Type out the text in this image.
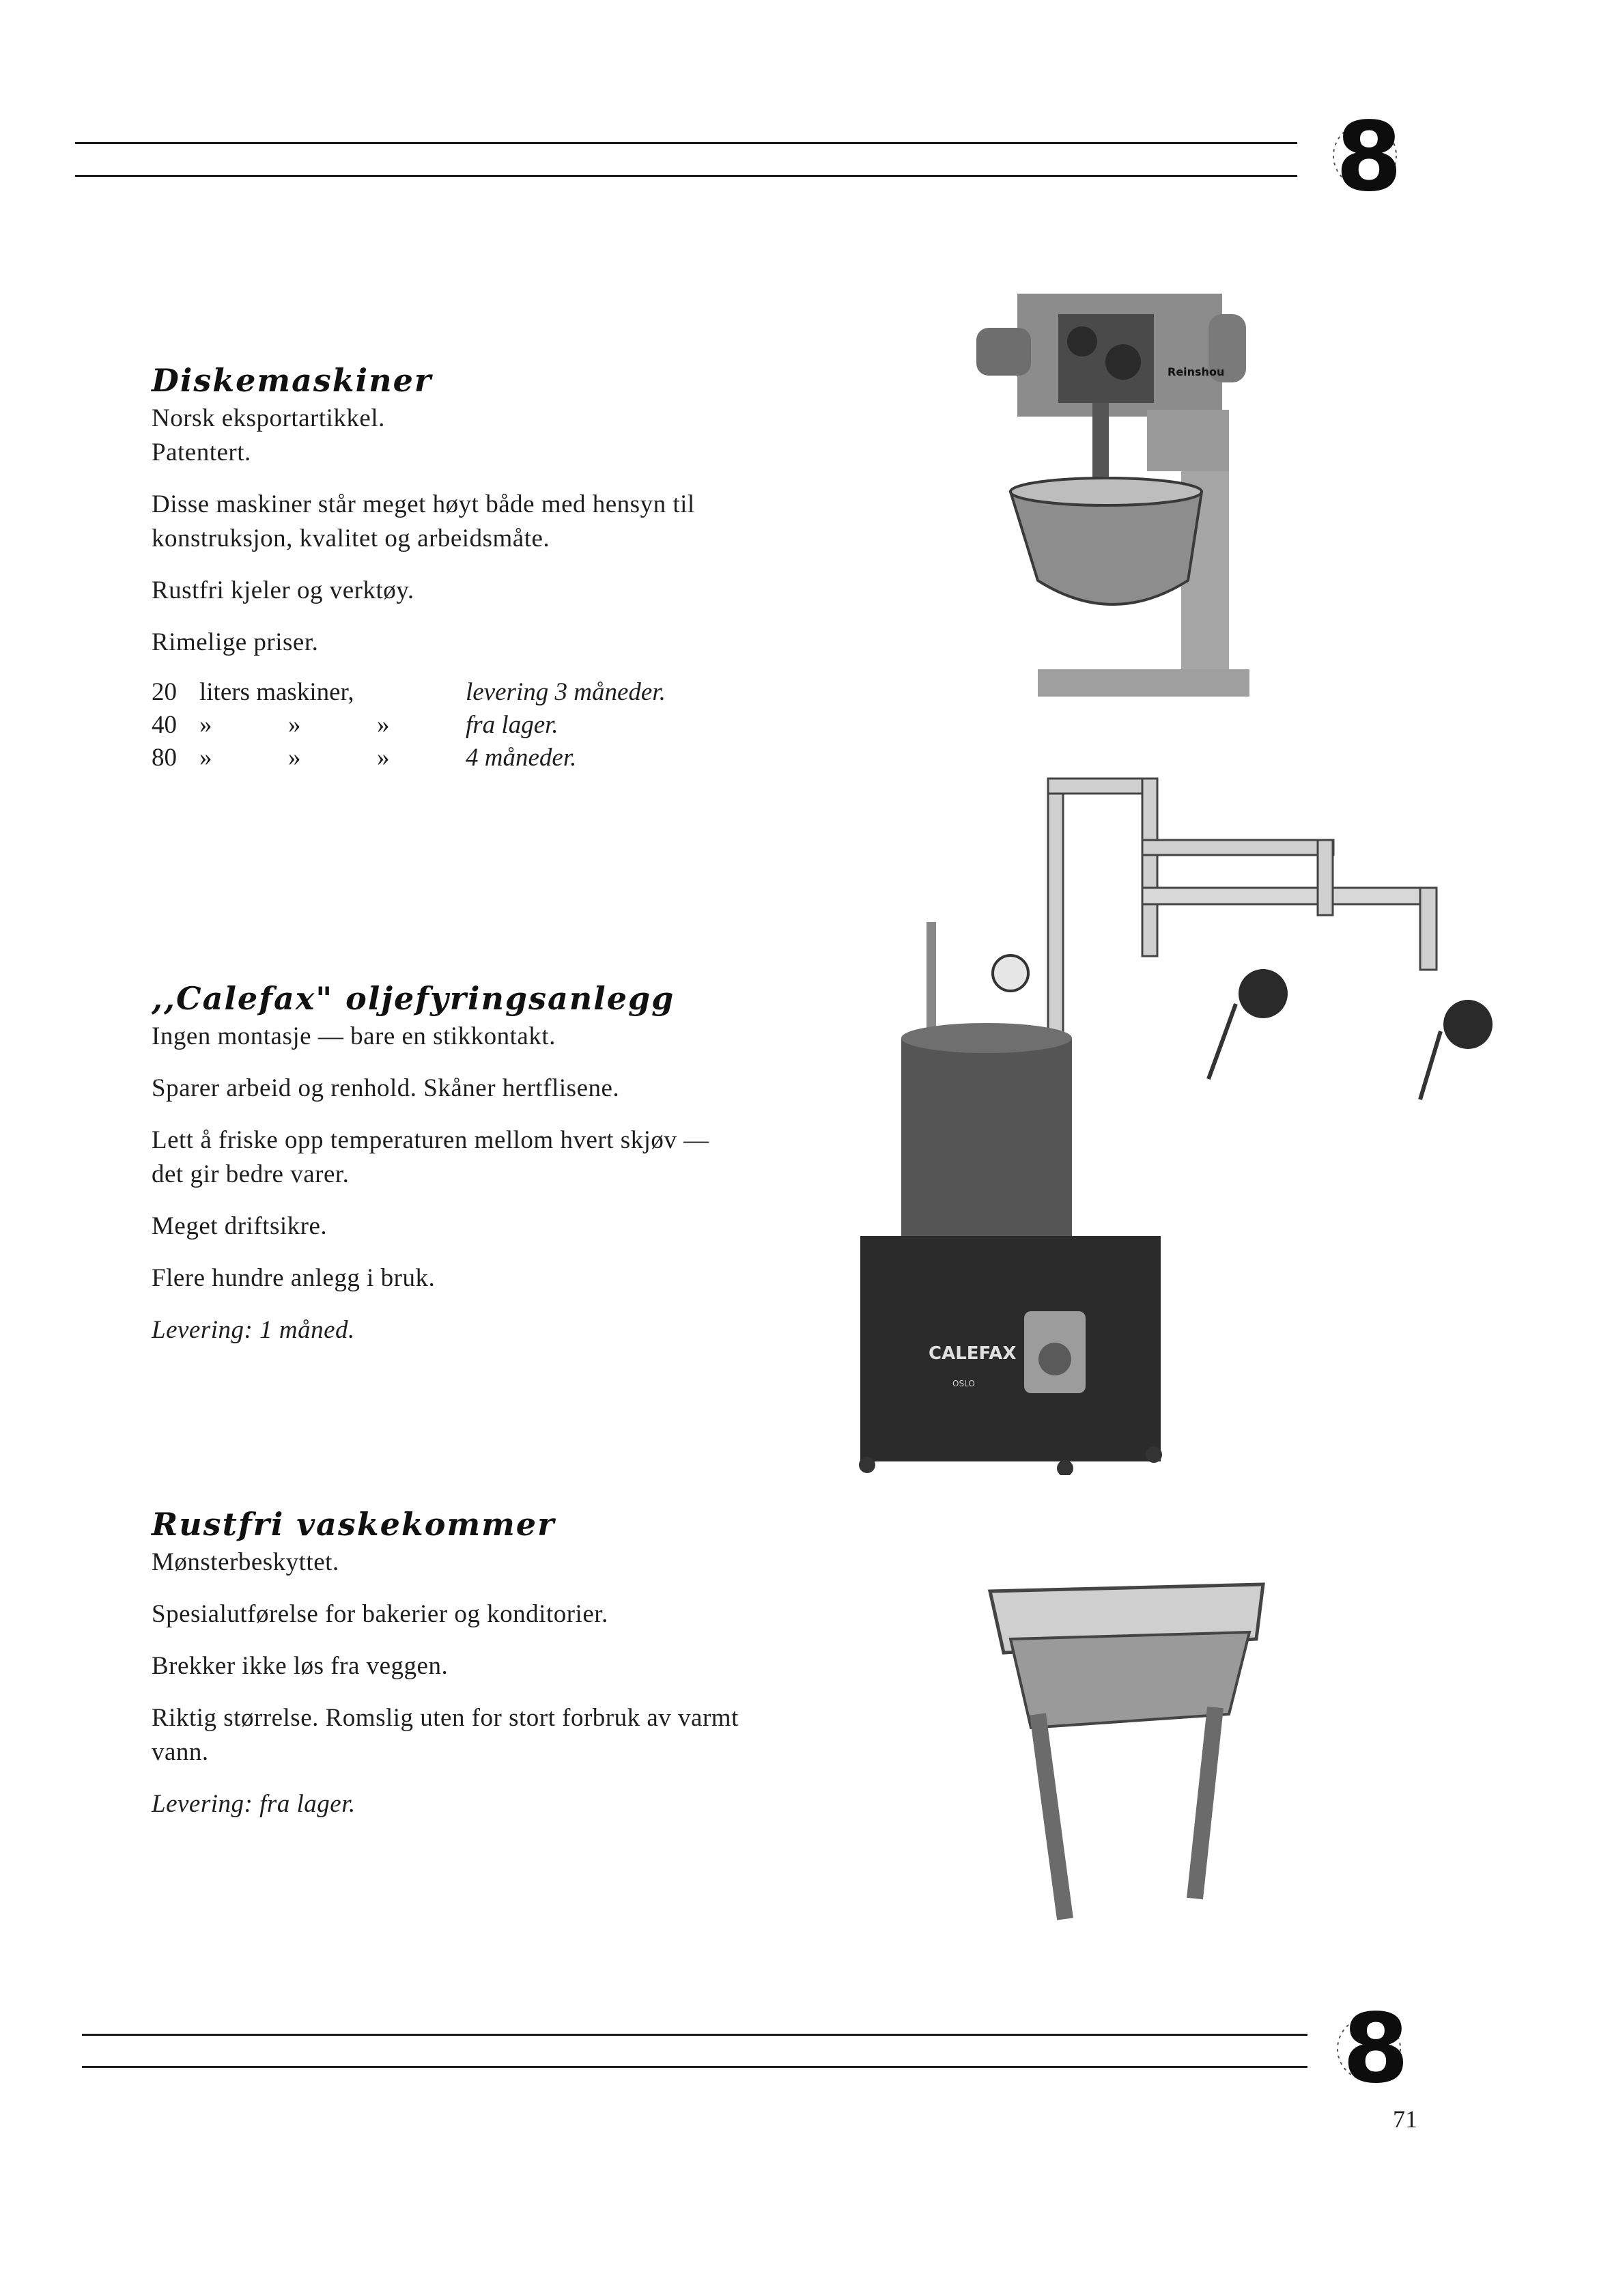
8
Diskemaskiner
Norsk eksportartikkel.
Patentert.
Disse maskiner står meget høyt både med hensyn til konstruksjon, kvalitet og arbeidsmåte.
Rustfri kjeler og verktøy.
Rimelige priser.
20	liters maskiner,			levering 3 måneder.
40	»	»	»	fra lager.
80	»	»	»	4 måneder.
,,Calefax" oljefyringsanlegg
Ingen montasje — bare en stikkontakt.
Sparer arbeid og renhold. Skåner hertflisene.
Lett å friske opp temperaturen mellom hvert skjøv — det gir bedre varer.
Meget driftsikre.
Flere hundre anlegg i bruk.
Levering: 1 måned.
Rustfri vaskekommer
Mønsterbeskyttet.
Spesialutførelse for bakerier og konditorier.
Brekker ikke løs fra veggen.
Riktig størrelse. Romslig uten for stort forbruk av varmt vann.
Levering: fra lager.
Reinshou
CALEFAX
OSLO
8
71
